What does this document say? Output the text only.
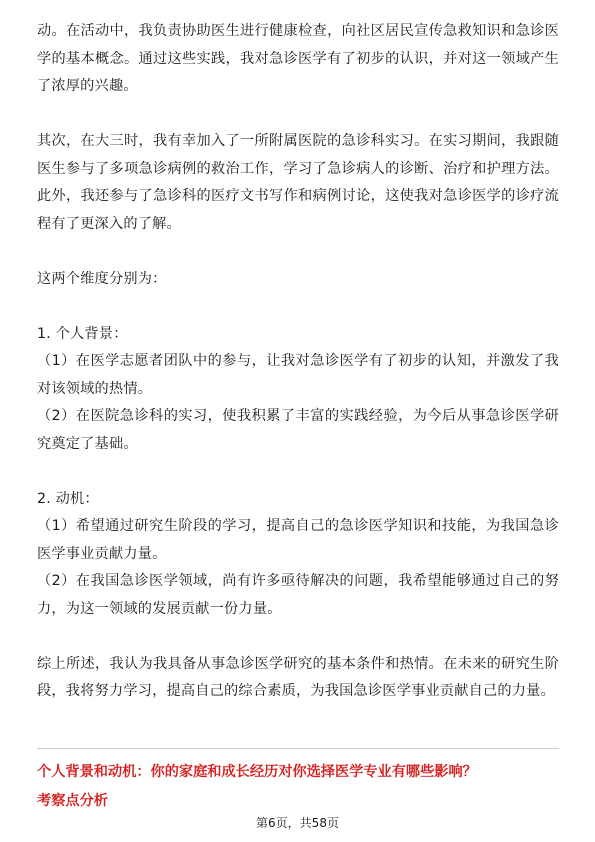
动。在活动中，我负责协助医生进行健康检查，向社区居民宣传急救知识和急诊医学的基本概念。通过这些实践，我对急诊医学有了初步的认识，并对这一领域产生了浓厚的兴趣。

其次，在大三时，我有幸加入了一所附属医院的急诊科实习。在实习期间，我跟随医生参与了多项急诊病例的救治工作，学习了急诊病人的诊断、治疗和护理方法。此外，我还参与了急诊科的医疗文书写作和病例讨论，这使我对急诊医学的诊疗流程有了更深入的了解。

这两个维度分别为：

1. 个人背景：

（1）在医学志愿者团队中的参与，让我对急诊医学有了初步的认知，并激发了我对该领域的热情。

（2）在医院急诊科的实习，使我积累了丰富的实践经验，为今后从事急诊医学研究奠定了基础。

2. 动机：

（1）希望通过研究生阶段的学习，提高自己的急诊医学知识和技能，为我国急诊医学事业贡献力量。

（2）在我国急诊医学领域，尚有许多亟待解决的问题，我希望能够通过自己的努力，为这一领域的发展贡献一份力量。

综上所述，我认为我具备从事急诊医学研究的基本条件和热情。在未来的研究生阶段，我将努力学习，提高自己的综合素质，为我国急诊医学事业贡献自己的力量。

个人背景和动机：你的家庭和成长经历对你选择医学专业有哪些影响？

考察点分析

第6页，共58页
